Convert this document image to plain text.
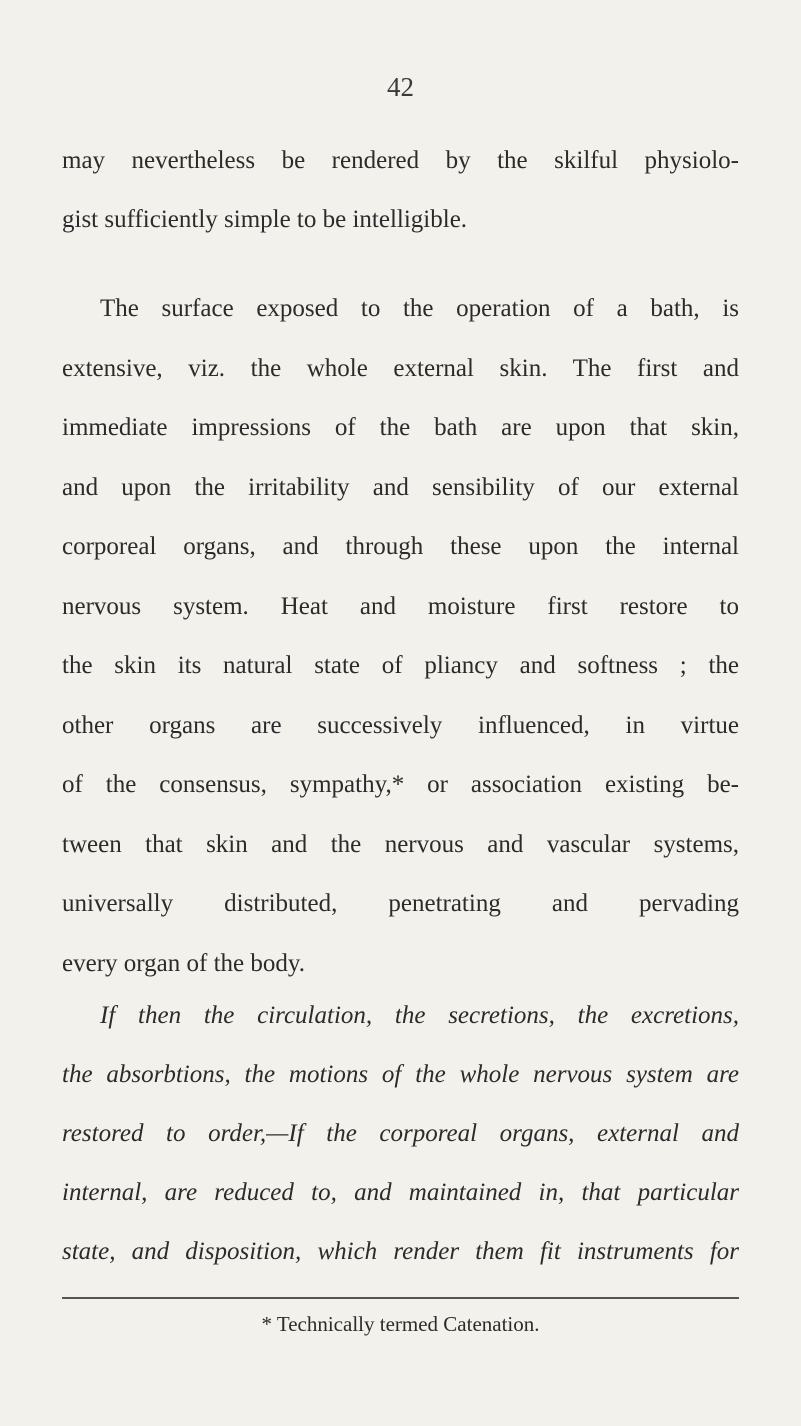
42
may nevertheless be rendered by the skilful physiolo-
gist sufficiently simple to be intelligible.
The surface exposed to the operation of a bath, is
extensive, viz. the whole external skin. The first and
immediate impressions of the bath are upon that skin,
and upon the irritability and sensibility of our external
corporeal organs, and through these upon the internal
nervous system. Heat and moisture first restore to
the skin its natural state of pliancy and softness ; the
other organs are successively influenced, in virtue
of the consensus, sympathy,* or association existing be-
tween that skin and the nervous and vascular systems,
universally distributed, penetrating and pervading
every organ of the body.
If then the circulation, the secretions, the excretions,
the absorbtions, the motions of the whole nervous system are
restored to order,—If the corporeal organs, external and
internal, are reduced to, and maintained in, that particular
state, and disposition, which render them fit instruments for
* Technically termed Catenation.
